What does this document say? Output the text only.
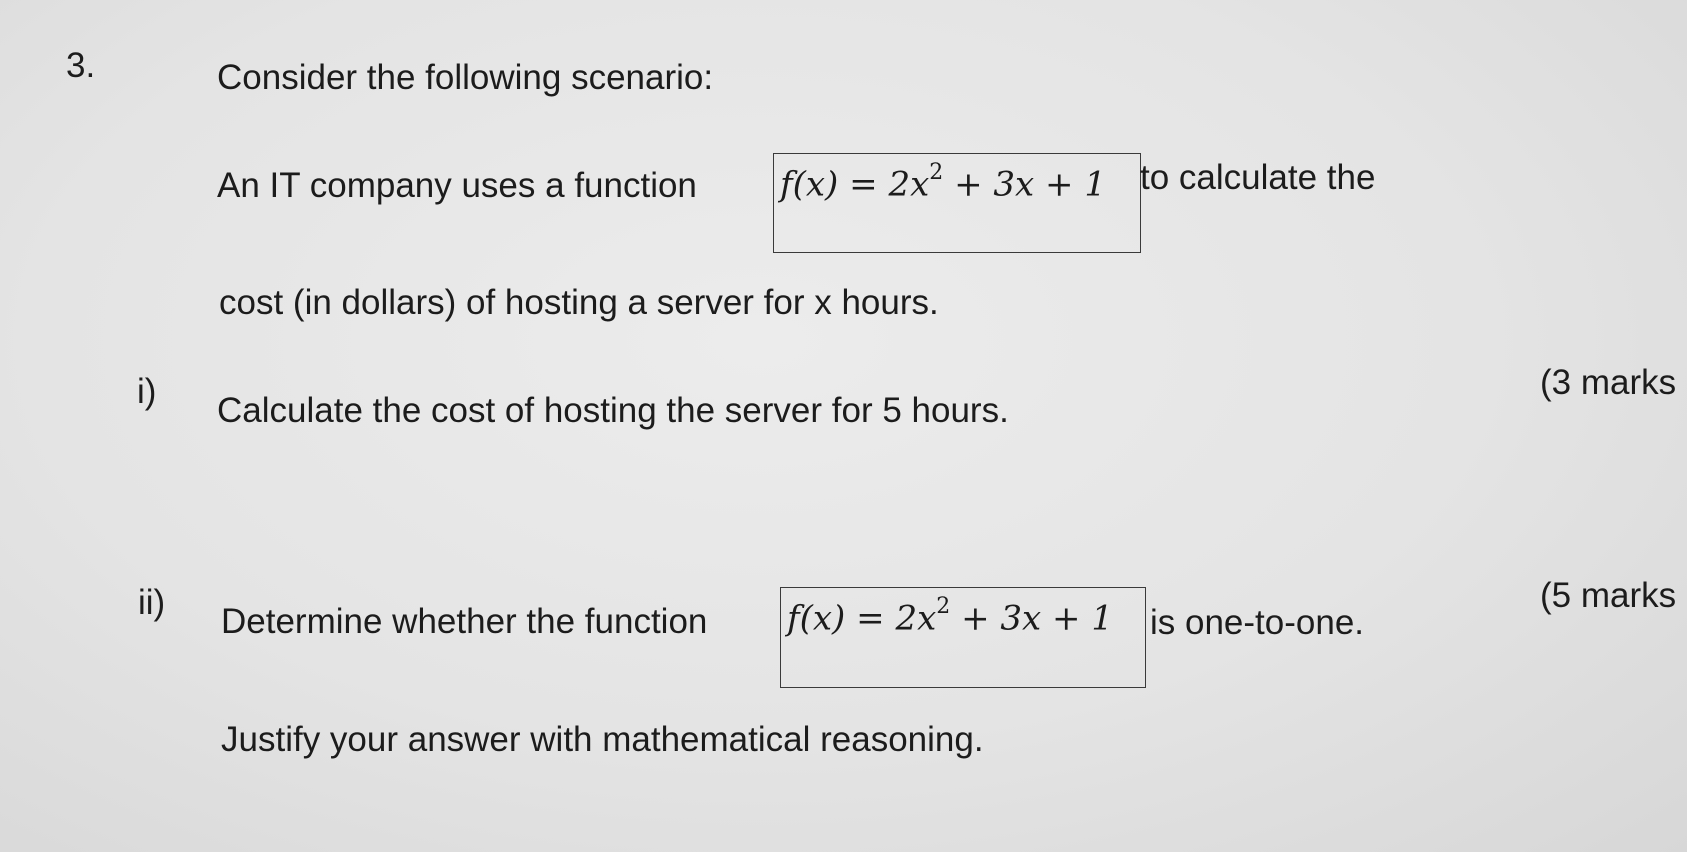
3.	Consider the following scenario:
An IT company uses a function $f(x) = 2x^2 + 3x + 1$ to calculate the
cost (in dollars) of hosting a server for x hours.
i) Calculate the cost of hosting the server for 5 hours.
(3 marks
ii) Determine whether the function $f(x) = 2x^2 + 3x + 1$ is one-to-one.
(5 marks
Justify your answer with mathematical reasoning.
